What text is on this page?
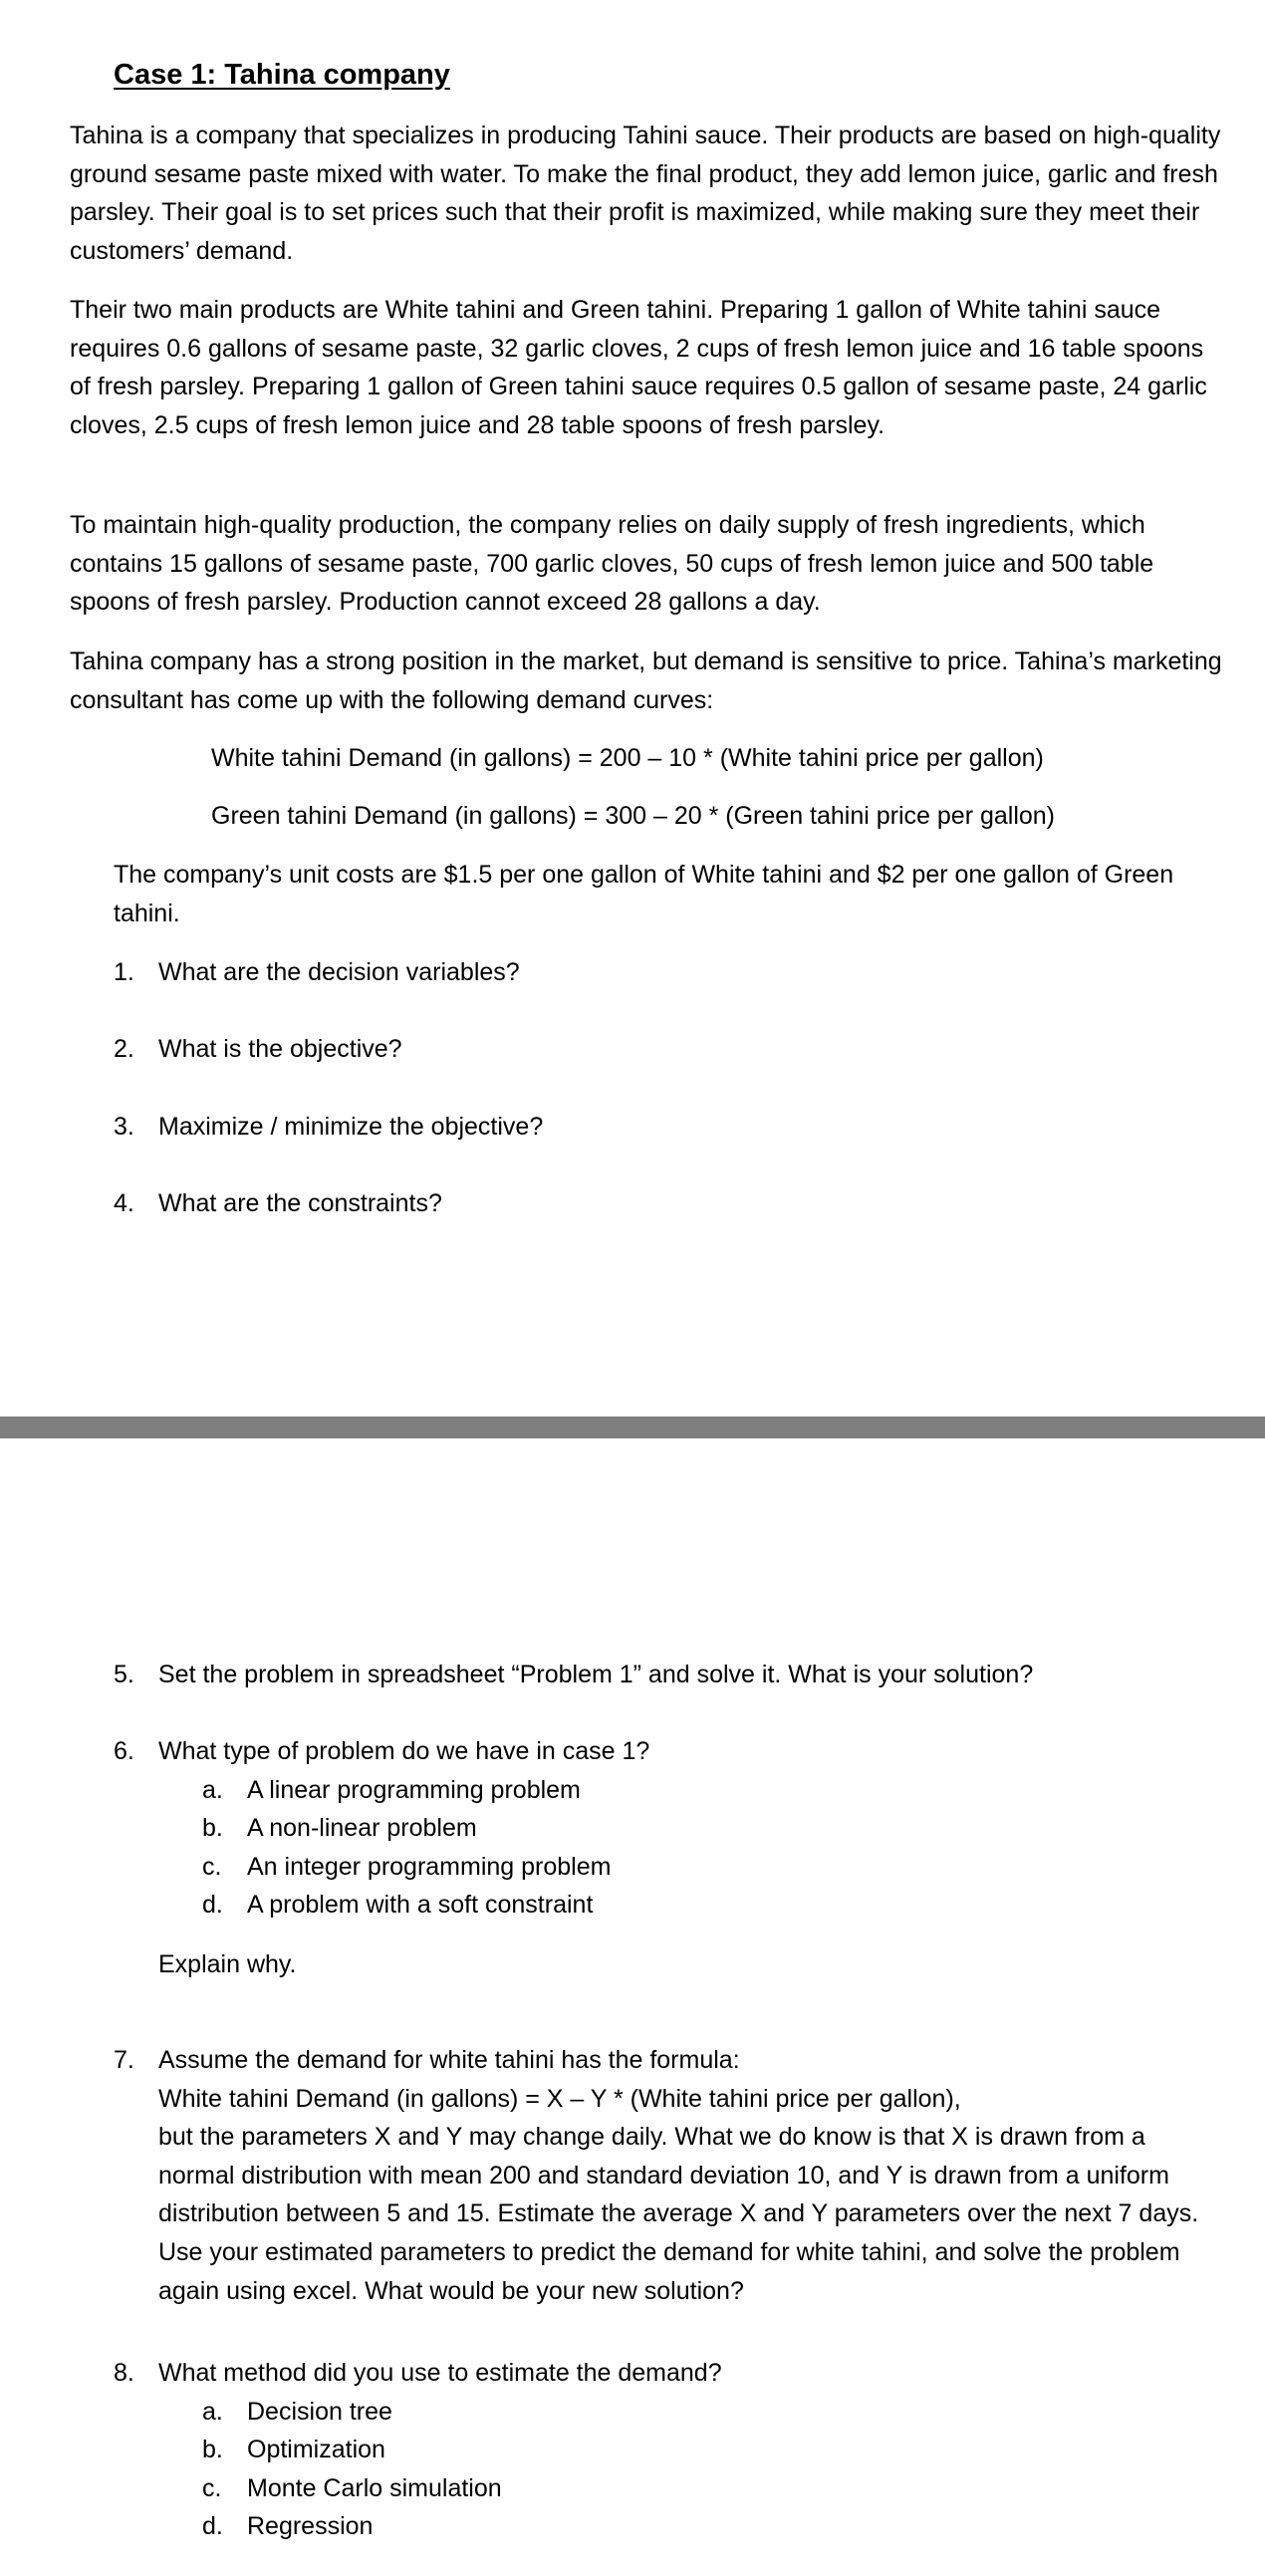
Case 1: Tahina company

Tahina is a company that specializes in producing Tahini sauce. Their products are based on high-quality ground sesame paste mixed with water. To make the final product, they add lemon juice, garlic and fresh parsley. Their goal is to set prices such that their profit is maximized, while making sure they meet their customers’ demand.

Their two main products are White tahini and Green tahini. Preparing 1 gallon of White tahini sauce requires 0.6 gallons of sesame paste, 32 garlic cloves, 2 cups of fresh lemon juice and 16 table spoons of fresh parsley. Preparing 1 gallon of Green tahini sauce requires 0.5 gallon of sesame paste, 24 garlic cloves, 2.5 cups of fresh lemon juice and 28 table spoons of fresh parsley.

To maintain high-quality production, the company relies on daily supply of fresh ingredients, which contains 15 gallons of sesame paste, 700 garlic cloves, 50 cups of fresh lemon juice and 500 table spoons of fresh parsley. Production cannot exceed 28 gallons a day.

Tahina company has a strong position in the market, but demand is sensitive to price. Tahina’s marketing consultant has come up with the following demand curves:

White tahini Demand (in gallons) = 200 – 10 * (White tahini price per gallon)

Green tahini Demand (in gallons) = 300 – 20 * (Green tahini price per gallon)

The company’s unit costs are $1.5 per one gallon of White tahini and $2 per one gallon of Green tahini.

1. What are the decision variables?
2. What is the objective?
3. Maximize / minimize the objective?
4. What are the constraints?
5. Set the problem in spreadsheet “Problem 1” and solve it. What is your solution?
6. What type of problem do we have in case 1?
a. A linear programming problem
b. A non-linear problem
c. An integer programming problem
d. A problem with a soft constraint
Explain why.
7. Assume the demand for white tahini has the formula:
White tahini Demand (in gallons) = X – Y * (White tahini price per gallon),
but the parameters X and Y may change daily. What we do know is that X is drawn from a normal distribution with mean 200 and standard deviation 10, and Y is drawn from a uniform distribution between 5 and 15. Estimate the average X and Y parameters over the next 7 days. Use your estimated parameters to predict the demand for white tahini, and solve the problem again using excel. What would be your new solution?
8. What method did you use to estimate the demand?
a. Decision tree
b. Optimization
c. Monte Carlo simulation
d. Regression
